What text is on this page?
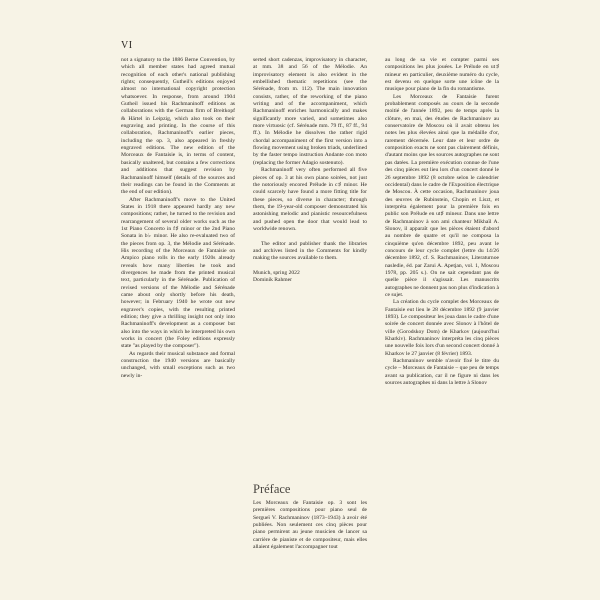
VI

not a signatory to the 1886 Berne Convention, by which all member states had agreed mutual recognition of each other's national publishing rights; consequently, Gutheil's editions enjoyed almost no international copyright protection whatsoever. In response, from around 1904 Gutheil issued his Rachmaninoff editions as collaborations with the German firm of Breitkopf & Härtel in Leipzig, which also took on their engraving and printing. In the course of this collaboration, Rachmaninoff's earlier pieces, including the op. 3, also appeared in freshly engraved editions. The new edition of the Morceaux de Fantaisie is, in terms of content, basically unaltered, but contains a few corrections and additions that suggest revision by Rachmaninoff himself (details of the sources and their readings can be found in the Comments at the end of our edition).

After Rachmaninoff's move to the United States in 1918 there appeared hardly any new compositions; rather, he turned to the revision and rearrangement of several older works such as the 1st Piano Concerto in f♯ minor or the 2nd Piano Sonata in b♭ minor. He also re-evaluated two of the pieces from op. 3, the Mélodie and Sérénade. His recording of the Morceaux de Fantaisie on Ampico piano rolls in the early 1920s already reveals how many liberties he took and divergences he made from the printed musical text, particularly in the Sérénade. Publication of revised versions of the Mélodie and Sérénade came about only shortly before his death, however; in February 1940 he wrote out new engraver's copies, with the resulting printed edition; they give a thrilling insight not only into Rachmaninoff's development as a composer but also into the ways in which he interpreted his own works in concert (the Foley editions expressly state "as played by the composer").

As regards their musical substance and formal construction the 1940 versions are basically unchanged, with small exceptions such as two newly in-

serted short cadenzas, improvisatory in character, at mm. 38 and 56 of the Mélodie. An improvisatory element is also evident in the embellished thematic repetitions (see the Sérénade, from m. 112). The main innovation consists, rather, of the reworking of the piano writing and of the accompaniment, which Rachmaninoff enriches harmonically and makes significantly more varied, and sometimes also more virtuosic (cf. Sérénade mm. 79 ff., 87 ff., 94 ff.). In Mélodie he dissolves the rather rigid chordal accompaniment of the first version into a flowing movement using broken triads, underlined by the faster tempo instruction Andante con moto (replacing the former Adagio sostenuto).

Rachmaninoff very often performed all five pieces of op. 3 at his own piano soirées, not just the notoriously encored Prélude in c♯ minor. He could scarcely have found a more fitting title for these pieces, so diverse in character; through them, the 19-year-old composer demonstrated his astonishing melodic and pianistic resourcefulness and pushed open the door that would lead to worldwide renown.

The editor and publisher thank the libraries and archives listed in the Comments for kindly making the sources available to them.

Munich, spring 2022
Dominik Rahmer
Préface

Les Morceaux de Fantaisie op. 3 sont les premières compositions pour piano seul de Sergueï V. Rachmaninov (1873–1943) à avoir été publiées. Non seulement ces cinq pièces pour piano permirent au jeune musicien de lancer sa carrière de pianiste et de compositeur, mais elles allaient également l'accompagner tout

au long de sa vie et compter parmi ses compositions les plus jouées. Le Prélude en ut♯ mineur en particulier, deuxième numéro du cycle, est devenu en quelque sorte une icône de la musique pour piano de la fin du romantisme.

Les Morceaux de Fantaisie furent probablement composés au cours de la seconde moitié de l'année 1892, peu de temps après la clôture, en mai, des études de Rachmaninov au conservatoire de Moscou où il avait obtenu les notes les plus élevées ainsi que la médaille d'or, rarement décernée. Leur date et leur ordre de composition exacts ne sont pas clairement définis, d'autant moins que les sources autographes ne sont pas datées. La première exécution connue de l'une des cinq pièces eut lieu lors d'un concert donné le 26 septembre 1892 (8 octobre selon le calendrier occidental) dans le cadre de l'Exposition électrique de Moscou. À cette occasion, Rachmaninov joua des œuvres de Rubinstein, Chopin et Liszt, et interpréta également pour la première fois en public son Prélude en ut♯ mineur. Dans une lettre de Rachmaninov à son ami chanteur Mikhaïl A. Slonov, il apparaît que les pièces étaient d'abord au nombre de quatre et qu'il ne composa la cinquième qu'en décembre 1892, peu avant le concours de leur cycle complet (lettre du 14/26 décembre 1892, cf. S. Rachmaninov, Literaturnoe nasledie, éd. par Zarui A. Apetjan, vol. 1, Moscou 1978, pp. 205 s.). On ne sait cependant pas de quelle pièce il s'agissait. Les manuscrits autographes ne donnent pas non plus d'indication à ce sujet.

La création du cycle complet des Morceaux de Fantaisie eut lieu le 28 décembre 1892 (9 janvier 1893). Le compositeur les joua dans le cadre d'une soirée de concert donnée avec Slonov à l'hôtel de ville (Gorodskoy Dom) de Kharkov (aujourd'hui Kharkiv). Rachmaninov interpréta les cinq pièces une nouvelle fois lors d'un second concert donné à Kharkov le 27 janvier (8 février) 1893.

Rachmaninov semble n'avoir fixé le titre du cycle – Morceaux de Fantaisie – que peu de temps avant sa publication, car il ne figure ni dans les sources autographes ni dans la lettre à Slonov
